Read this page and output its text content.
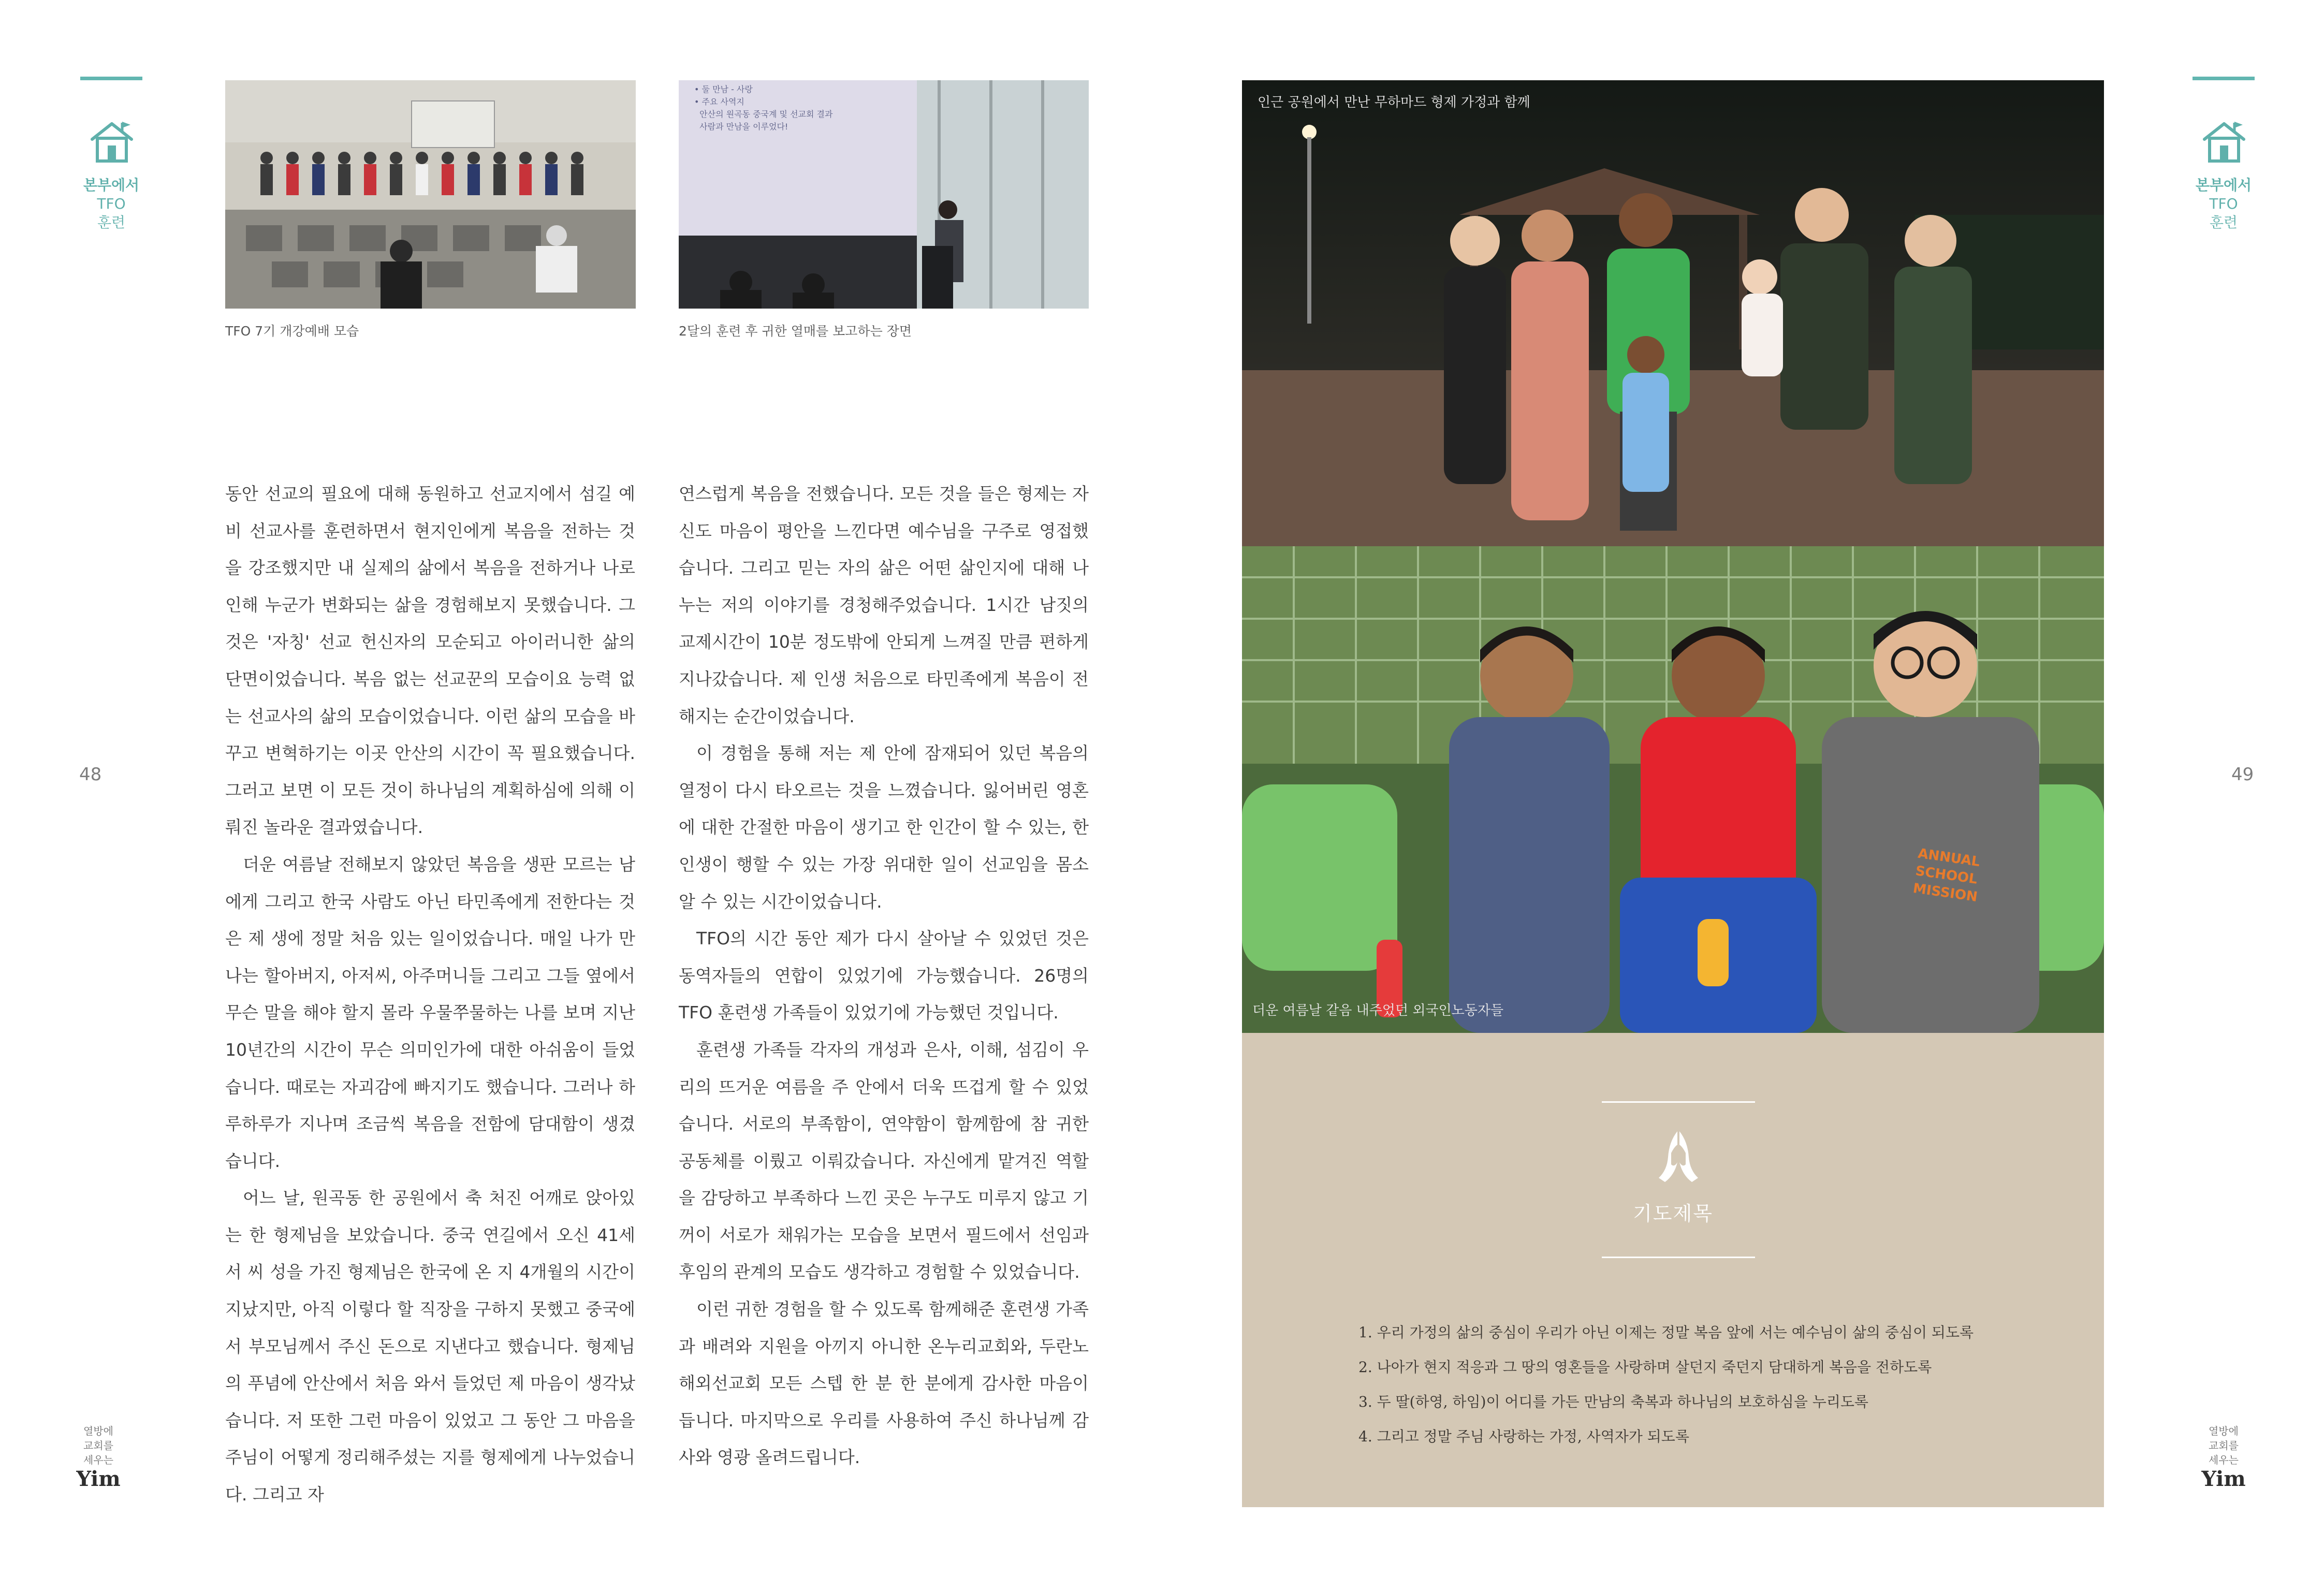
본부에서
TFO
훈련
48
열방에
교회를
세우는
Yim
본부에서
TFO
훈련
49
열방에
교회를
세우는
Yim
TFO 7기 개강예배 모습
• 둘 만남 - 사랑
• 주요 사역지
안산의 원곡동 중국계 및 선교회 결과
사람과 만남을 이루었다!
2달의 훈련 후 귀한 열매를 보고하는 장면

동안 선교의 필요에 대해 동원하고 선교지에서 섬길 예비 선교사를 훈련하면서 현지인에게 복음을 전하는 것을 강조했지만 내 실제의 삶에서 복음을 전하거나 나로 인해 누군가 변화되는 삶을 경험해보지 못했습니다. 그것은 '자칭' 선교 헌신자의 모순되고 아이러니한 삶의 단면이었습니다. 복음 없는 선교꾼의 모습이요 능력 없는 선교사의 삶의 모습이었습니다. 이런 삶의 모습을 바꾸고 변혁하기는 이곳 안산의 시간이 꼭 필요했습니다. 그러고 보면 이 모든 것이 하나님의 계획하심에 의해 이뤄진 놀라운 결과였습니다.

더운 여름날 전해보지 않았던 복음을 생판 모르는 남에게 그리고 한국 사람도 아닌 타민족에게 전한다는 것은 제 생에 정말 처음 있는 일이었습니다. 매일 나가 만나는 할아버지, 아저씨, 아주머니들 그리고 그들 옆에서 무슨 말을 해야 할지 몰라 우물쭈물하는 나를 보며 지난 10년간의 시간이 무슨 의미인가에 대한 아쉬움이 들었습니다. 때로는 자괴감에 빠지기도 했습니다. 그러나 하루하루가 지나며 조금씩 복음을 전함에 담대함이 생겼습니다.

어느 날, 원곡동 한 공원에서 축 처진 어깨로 앉아있는 한 형제님을 보았습니다. 중국 연길에서 오신 41세 서 씨 성을 가진 형제님은 한국에 온 지 4개월의 시간이 지났지만, 아직 이렇다 할 직장을 구하지 못했고 중국에서 부모님께서 주신 돈으로 지낸다고 했습니다. 형제님의 푸념에 안산에서 처음 와서 들었던 제 마음이 생각났습니다. 저 또한 그런 마음이 있었고 그 동안 그 마음을 주님이 어떻게 정리해주셨는 지를 형제에게 나누었습니다. 그리고 자

연스럽게 복음을 전했습니다. 모든 것을 들은 형제는 자신도 마음이 평안을 느낀다면 예수님을 구주로 영접했습니다. 그리고 믿는 자의 삶은 어떤 삶인지에 대해 나누는 저의 이야기를 경청해주었습니다. 1시간 남짓의 교제시간이 10분 정도밖에 안되게 느껴질 만큼 편하게 지나갔습니다. 제 인생 처음으로 타민족에게 복음이 전해지는 순간이었습니다.

이 경험을 통해 저는 제 안에 잠재되어 있던 복음의 열정이 다시 타오르는 것을 느꼈습니다. 잃어버린 영혼에 대한 간절한 마음이 생기고 한 인간이 할 수 있는, 한 인생이 행할 수 있는 가장 위대한 일이 선교임을 몸소 알 수 있는 시간이었습니다.

TFO의 시간 동안 제가 다시 살아날 수 있었던 것은 동역자들의 연합이 있었기에 가능했습니다. 26명의 TFO 훈련생 가족들이 있었기에 가능했던 것입니다.

훈련생 가족들 각자의 개성과 은사, 이해, 섬김이 우리의 뜨거운 여름을 주 안에서 더욱 뜨겁게 할 수 있었습니다. 서로의 부족함이, 연약함이 함께함에 참 귀한 공동체를 이뤘고 이뤄갔습니다. 자신에게 맡겨진 역할을 감당하고 부족하다 느낀 곳은 누구도 미루지 않고 기꺼이 서로가 채워가는 모습을 보면서 필드에서 선임과 후임의 관계의 모습도 생각하고 경험할 수 있었습니다.

이런 귀한 경험을 할 수 있도록 함께해준 훈련생 가족과 배려와 지원을 아끼지 아니한 온누리교회와, 두란노해외선교회 모든 스텝 한 분 한 분에게 감사한 마음이 듭니다. 마지막으로 우리를 사용하여 주신 하나님께 감사와 영광 올려드립니다.

인근 공원에서 만난 무하마드 형제 가정과 함께
ANNUAL SCHOOL MISSION
더운 여름날 같음 내주었던 외국인노동자들
기도제목
1. 우리 가정의 삶의 중심이 우리가 아닌 이제는 정말 복음 앞에 서는 예수님이 삶의 중심이 되도록
2. 나아가 현지 적응과 그 땅의 영혼들을 사랑하며 살던지 죽던지 담대하게 복음을 전하도록
3. 두 딸(하영, 하임)이 어디를 가든 만남의 축복과 하나님의 보호하심을 누리도록
4. 그리고 정말 주님 사랑하는 가정, 사역자가 되도록
